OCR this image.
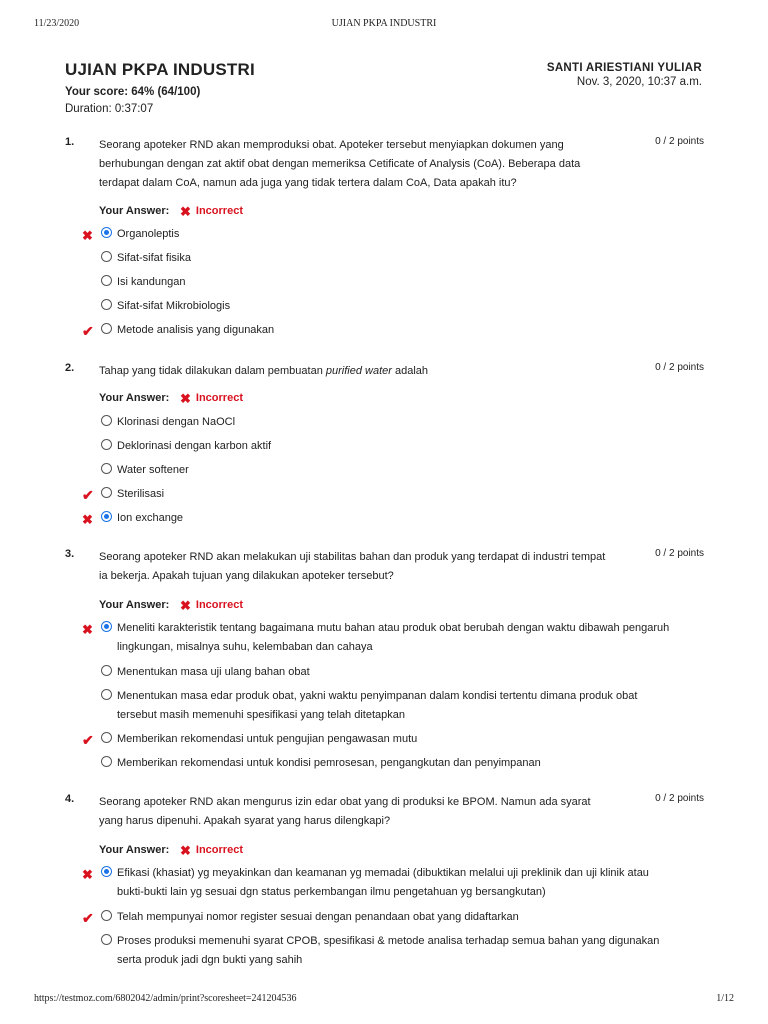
11/23/2020	UJIAN PKPA INDUSTRI
UJIAN PKPA INDUSTRI
Your score: 64% (64/100)
Duration: 0:37:07
SANTI ARIESTIANI YULIAR
Nov. 3, 2020, 10:37 a.m.
1. Seorang apoteker RND akan memproduksi obat. Apoteker tersebut menyiapkan dokumen yang
berhubungan dengan zat aktif obat dengan memeriksa Cetificate of Analysis (CoA). Beberapa data
terdapat dalam CoA, namun ada juga yang tidak tertera dalam CoA, Data apakah itu?
0 / 2 points
Your Answer: ✖ Incorrect
✖	Organoleptis
Sifat-sifat fisika
Isi kandungan
Sifat-sifat Mikrobiologis
✔	Metode analisis yang digunakan
2. Tahap yang tidak dilakukan dalam pembuatan purified water adalah	0 / 2 points
Your Answer: ✖ Incorrect
Klorinasi dengan NaOCl
Deklorinasi dengan karbon aktif
Water softener
✔	Sterilisasi
✖	Ion exchange
3. Seorang apoteker RND akan melakukan uji stabilitas bahan dan produk yang terdapat di industri tempat
ia bekerja. Apakah tujuan yang dilakukan apoteker tersebut?
0 / 2 points
Your Answer: ✖ Incorrect
✖	Meneliti karakteristik tentang bagaimana mutu bahan atau produk obat berubah dengan waktu dibawah pengaruh
lingkungan, misalnya suhu, kelembaban dan cahaya
Menentukan masa uji ulang bahan obat
Menentukan masa edar produk obat, yakni waktu penyimpanan dalam kondisi tertentu dimana produk obat
tersebut masih memenuhi spesifikasi yang telah ditetapkan
✔	Memberikan rekomendasi untuk pengujian pengawasan mutu
Memberikan rekomendasi untuk kondisi pemrosesan, pengangkutan dan penyimpanan
4. Seorang apoteker RND akan mengurus izin edar obat yang di produksi ke BPOM. Namun ada syarat
yang harus dipenuhi. Apakah syarat yang harus dilengkapi?
0 / 2 points
Your Answer: ✖ Incorrect
✖	Efikasi (khasiat) yg meyakinkan dan keamanan yg memadai (dibuktikan melalui uji preklinik dan uji klinik atau
bukti-bukti lain yg sesuai dgn status perkembangan ilmu pengetahuan yg bersangkutan)
✔	Telah mempunyai nomor register sesuai dengan penandaan obat yang didaftarkan
Proses produksi memenuhi syarat CPOB, spesifikasi & metode analisa terhadap semua bahan yang digunakan
serta produk jadi dgn bukti yang sahih
https://testmoz.com/6802042/admin/print?scoresheet=241204536	1/12
